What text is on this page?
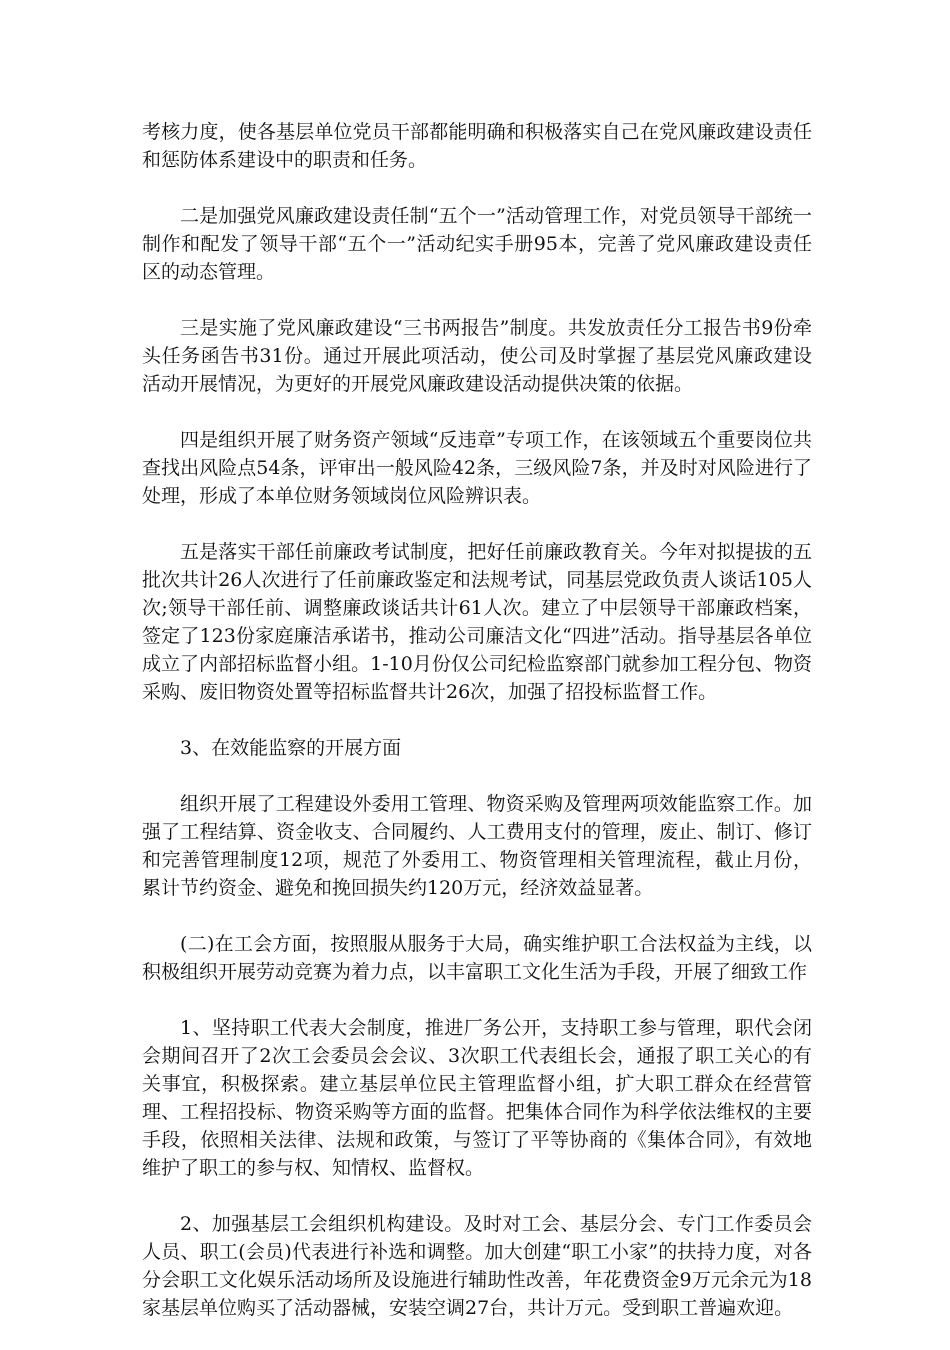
考核力度，使各基层单位党员干部都能明确和积极落实自己在党风廉政建设责任和惩防体系建设中的职责和任务。

二是加强党风廉政建设责任制“五个一”活动管理工作，对党员领导干部统一制作和配发了领导干部“五个一”活动纪实手册95本，完善了党风廉政建设责任区的动态管理。

三是实施了党风廉政建设“三书两报告”制度。共发放责任分工报告书9份牵头任务函告书31份。通过开展此项活动，使公司及时掌握了基层党风廉政建设活动开展情况，为更好的开展党风廉政建设活动提供决策的依据。

四是组织开展了财务资产领域“反违章”专项工作，在该领域五个重要岗位共查找出风险点54条，评审出一般风险42条，三级风险7条，并及时对风险进行了处理，形成了本单位财务领域岗位风险辨识表。

五是落实干部任前廉政考试制度，把好任前廉政教育关。今年对拟提拔的五批次共计26人次进行了任前廉政鉴定和法规考试，同基层党政负责人谈话105人次;领导干部任前、调整廉政谈话共计61人次。建立了中层领导干部廉政档案，签定了123份家庭廉洁承诺书，推动公司廉洁文化“四进”活动。指导基层各单位成立了内部招标监督小组。1-10月份仅公司纪检监察部门就参加工程分包、物资采购、废旧物资处置等招标监督共计26次，加强了招投标监督工作。

3、在效能监察的开展方面

组织开展了工程建设外委用工管理、物资采购及管理两项效能监察工作。加强了工程结算、资金收支、合同履约、人工费用支付的管理，废止、制订、修订和完善管理制度12项，规范了外委用工、物资管理相关管理流程，截止月份，累计节约资金、避免和挽回损失约120万元，经济效益显著。

(二)在工会方面，按照服从服务于大局，确实维护职工合法权益为主线，以积极组织开展劳动竞赛为着力点，以丰富职工文化生活为手段，开展了细致工作

1、坚持职工代表大会制度，推进厂务公开，支持职工参与管理，职代会闭会期间召开了2次工会委员会会议、3次职工代表组长会，通报了职工关心的有关事宜，积极探索。建立基层单位民主管理监督小组，扩大职工群众在经营管理、工程招投标、物资采购等方面的监督。把集体合同作为科学依法维权的主要手段，依照相关法律、法规和政策，与签订了平等协商的《集体合同》，有效地维护了职工的参与权、知情权、监督权。

2、加强基层工会组织机构建设。及时对工会、基层分会、专门工作委员会人员、职工(会员)代表进行补选和调整。加大创建“职工小家”的扶持力度，对各分会职工文化娱乐活动场所及设施进行辅助性改善，年花费资金9万元余元为18家基层单位购买了活动器械，安装空调27台，共计万元。受到职工普遍欢迎。
